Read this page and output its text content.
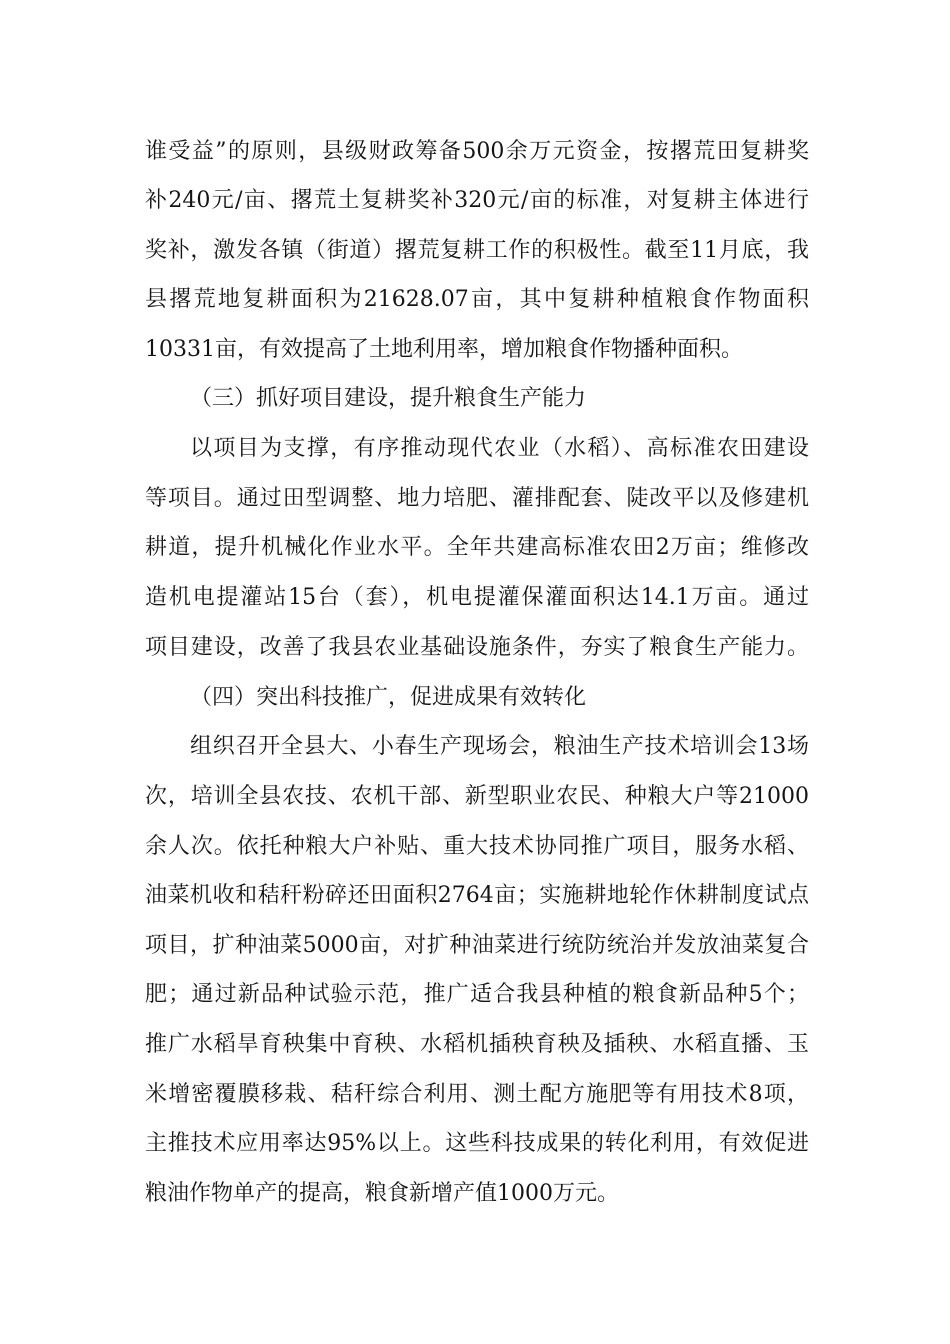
谁受益”的原则，县级财政筹备500余万元资金，按撂荒田复耕奖
补240元/亩、撂荒土复耕奖补320元/亩的标准，对复耕主体进行
奖补，激发各镇（街道）撂荒复耕工作的积极性。截至11月底，我
县撂荒地复耕面积为21628.07亩，其中复耕种植粮食作物面积
10331亩，有效提高了土地利用率，增加粮食作物播种面积。
（三）抓好项目建设，提升粮食生产能力
以项目为支撑，有序推动现代农业（水稻）、高标准农田建设
等项目。通过田型调整、地力培肥、灌排配套、陡改平以及修建机
耕道，提升机械化作业水平。全年共建高标准农田2万亩；维修改
造机电提灌站15台（套），机电提灌保灌面积达14.1万亩。通过
项目建设，改善了我县农业基础设施条件，夯实了粮食生产能力。
（四）突出科技推广，促进成果有效转化
组织召开全县大、小春生产现场会，粮油生产技术培训会13场
次，培训全县农技、农机干部、新型职业农民、种粮大户等21000
余人次。依托种粮大户补贴、重大技术协同推广项目，服务水稻、
油菜机收和秸秆粉碎还田面积2764亩；实施耕地轮作休耕制度试点
项目，扩种油菜5000亩，对扩种油菜进行统防统治并发放油菜复合
肥；通过新品种试验示范，推广适合我县种植的粮食新品种5个；
推广水稻旱育秧集中育秧、水稻机插秧育秧及插秧、水稻直播、玉
米增密覆膜移栽、秸秆综合利用、测土配方施肥等有用技术8项，
主推技术应用率达95%以上。这些科技成果的转化利用，有效促进
粮油作物单产的提高，粮食新增产值1000万元。
